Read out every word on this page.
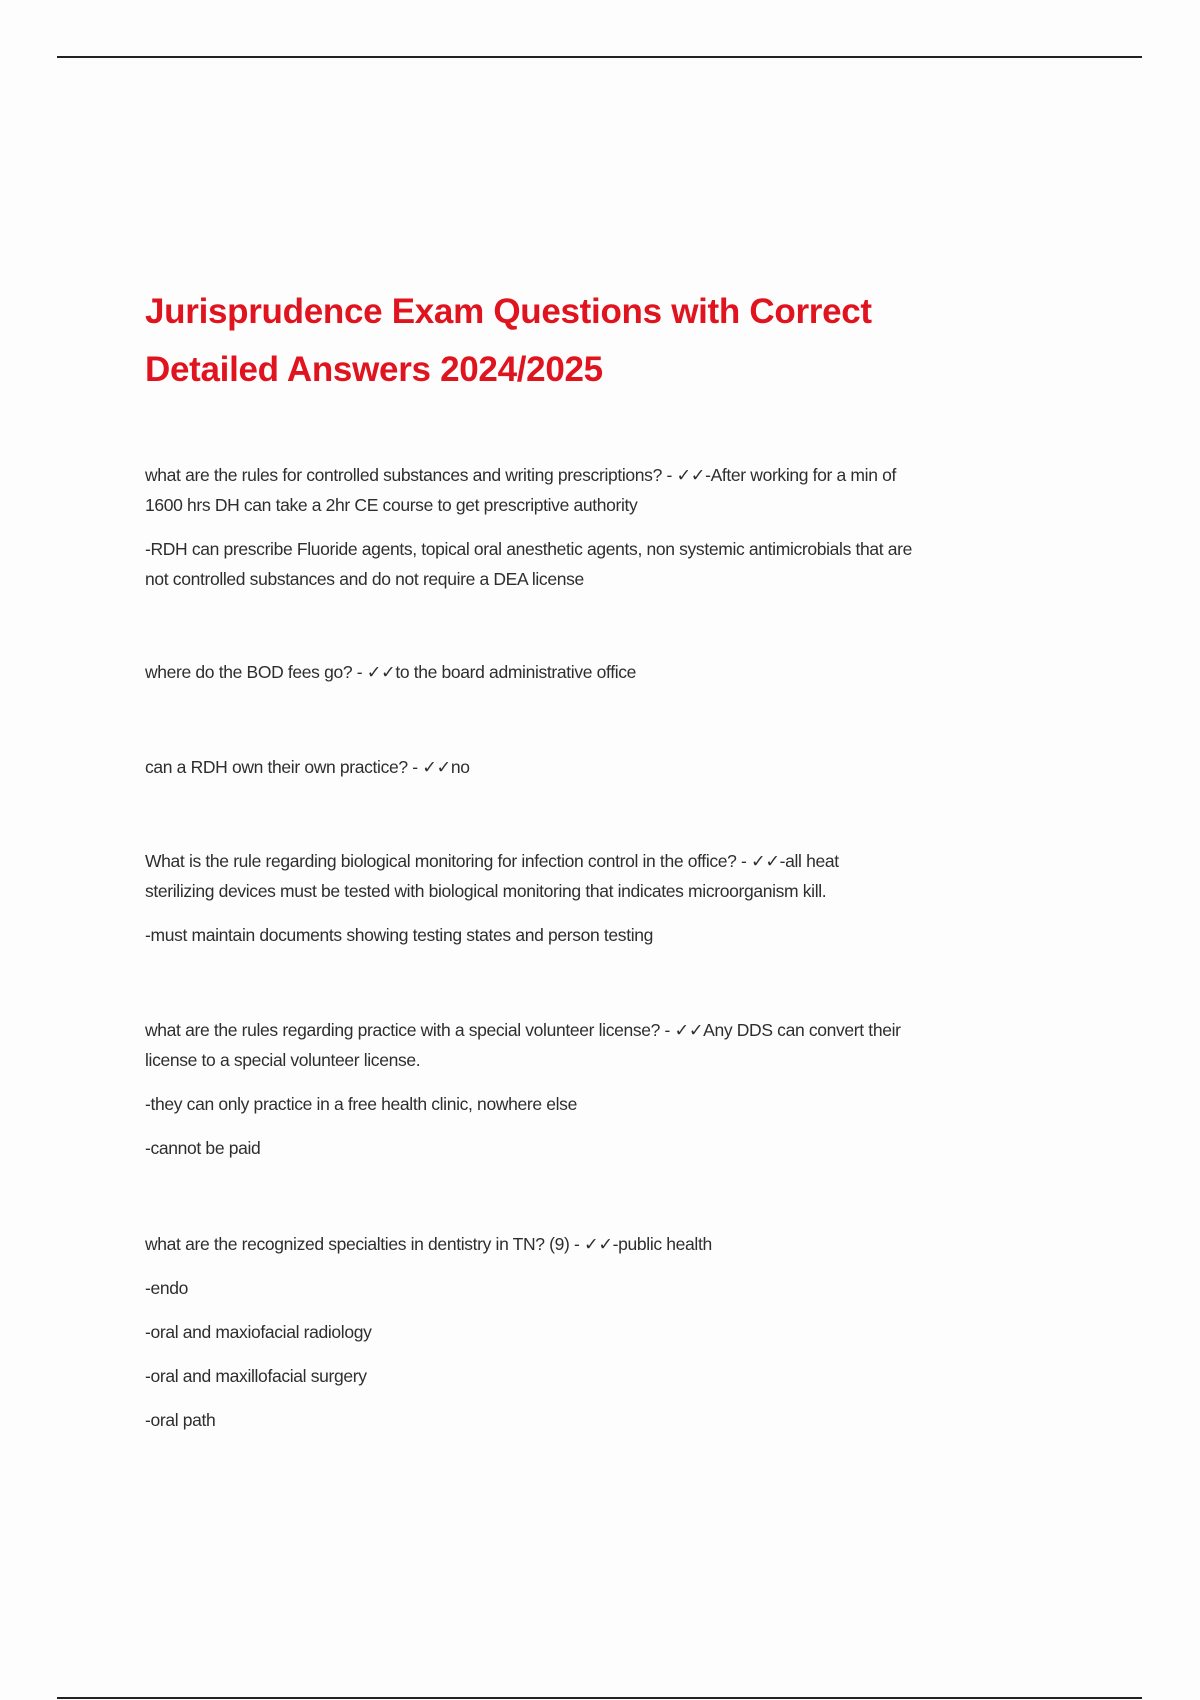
Jurisprudence Exam Questions with Correct
Detailed Answers 2024/2025

what are the rules for controlled substances and writing prescriptions? - ✓✓-After working for a min of
1600 hrs DH can take a 2hr CE course to get prescriptive authority

-RDH can prescribe Fluoride agents, topical oral anesthetic agents, non systemic antimicrobials that are
not controlled substances and do not require a DEA license

where do the BOD fees go? - ✓✓to the board administrative office

can a RDH own their own practice? - ✓✓no

What is the rule regarding biological monitoring for infection control in the office? - ✓✓-all heat
sterilizing devices must be tested with biological monitoring that indicates microorganism kill.

-must maintain documents showing testing states and person testing

what are the rules regarding practice with a special volunteer license? - ✓✓Any DDS can convert their
license to a special volunteer license.

-they can only practice in a free health clinic, nowhere else

-cannot be paid

what are the recognized specialties in dentistry in TN? (9) - ✓✓-public health

-endo

-oral and maxiofacial radiology

-oral and maxillofacial surgery

-oral path
